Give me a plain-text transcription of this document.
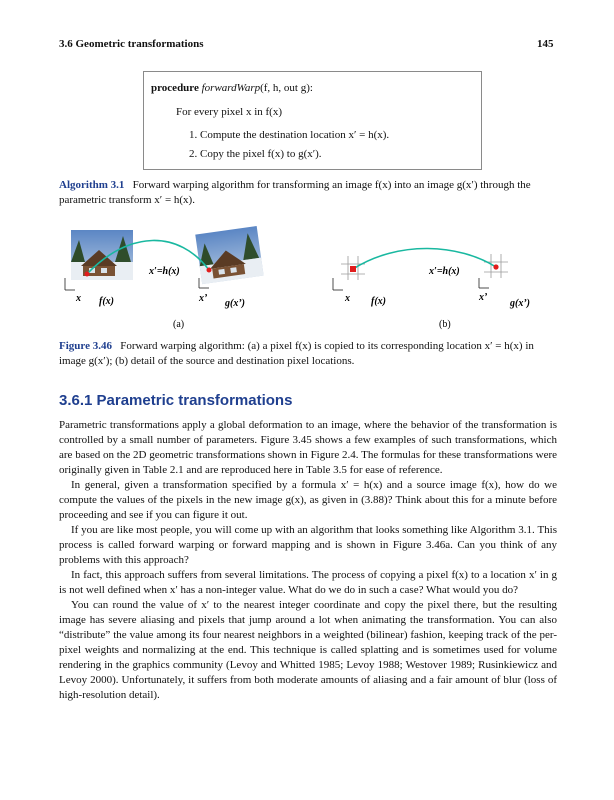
3.6 Geometric transformations	145
procedure forwardWarp(f, h, out g):
For every pixel x in f(x)
1. Compute the destination location x′ = h(x).
2. Copy the pixel f(x) to g(x′).
Algorithm 3.1 Forward warping algorithm for transforming an image f(x) into an image g(x′) through the
parametric transform x′ = h(x).
x′=h(x)
x f(x)	x’ g(x’)
(a)
x′=h(x)
x f(x)	x’
g(x’)
(b)
Figure 3.46 Forward warping algorithm: (a) a pixel f(x) is copied to its corresponding location x′ = h(x) in
image g(x′); (b) detail of the source and destination pixel locations.
3.6.1 Parametric transformations

Parametric transformations apply a global deformation to an image, where the behavior of the transformation is controlled by a small number of parameters. Figure 3.45 shows a few examples of such transformations, which are based on the 2D geometric transformations shown in Figure 2.4. The formulas for these transformations were originally given in Table 2.1 and are reproduced here in Table 3.5 for ease of reference.

In general, given a transformation specified by a formula x′ = h(x) and a source image f(x), how do we compute the values of the pixels in the new image g(x), as given in (3.88)? Think about this for a minute before proceeding and see if you can figure it out.

If you are like most people, you will come up with an algorithm that looks something like Algorithm 3.1. This process is called forward warping or forward mapping and is shown in Figure 3.46a. Can you think of any problems with this approach?

In fact, this approach suffers from several limitations. The process of copying a pixel f(x) to a location x′ in g is not well defined when x′ has a non-integer value. What do we do in such a case? What would you do?

You can round the value of x′ to the nearest integer coordinate and copy the pixel there, but the resulting image has severe aliasing and pixels that jump around a lot when animating the transformation. You can also “distribute” the value among its four nearest neighbors in a weighted (bilinear) fashion, keeping track of the per-pixel weights and normalizing at the end. This technique is called splatting and is sometimes used for volume rendering in the graphics community (Levoy and Whitted 1985; Levoy 1988; Westover 1989; Rusinkiewicz and Levoy 2000). Unfortunately, it suffers from both moderate amounts of aliasing and a fair amount of blur (loss of high-resolution detail).
